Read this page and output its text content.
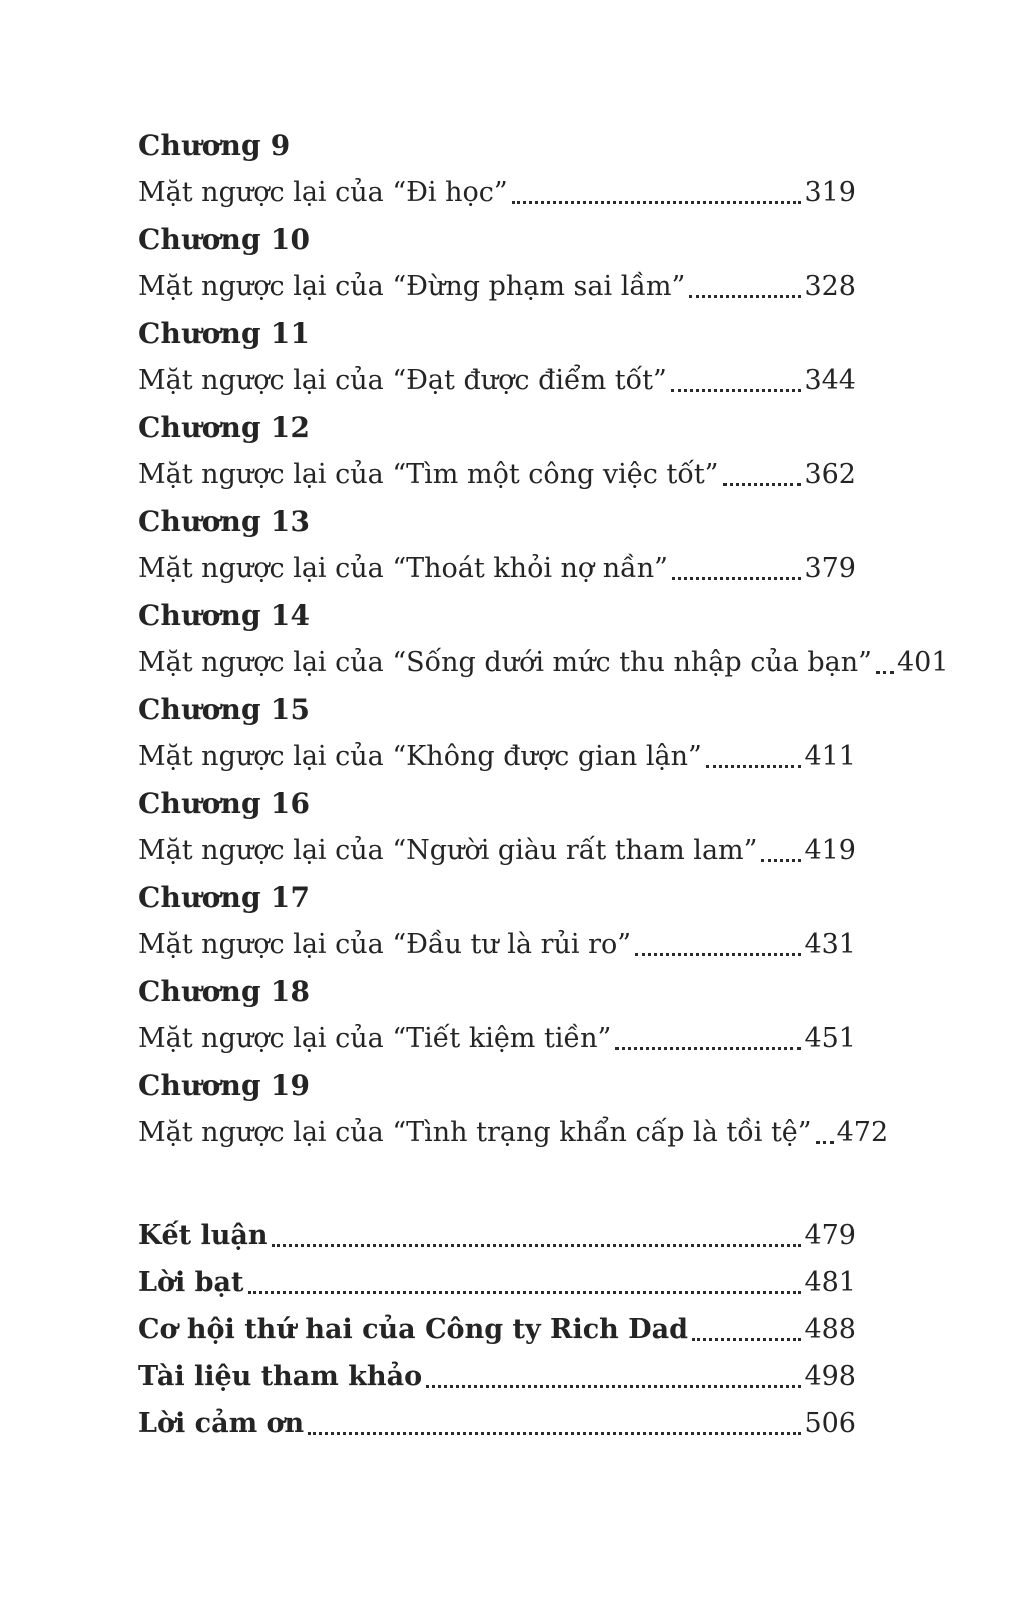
Chương 9
Mặt ngược lại của “Đi học”	319
Chương 10
Mặt ngược lại của “Đừng phạm sai lầm”	328
Chương 11
Mặt ngược lại của “Đạt được điểm tốt”	344
Chương 12
Mặt ngược lại của “Tìm một công việc tốt”	362
Chương 13
Mặt ngược lại của “Thoát khỏi nợ nần”	379
Chương 14
Mặt ngược lại của “Sống dưới mức thu nhập của bạn” 401
Chương 15
Mặt ngược lại của “Không được gian lận”	411
Chương 16
Mặt ngược lại của “Người giàu rất tham lam” 419
Chương 17
Mặt ngược lại của “Đầu tư là rủi ro”	431
Chương 18
Mặt ngược lại của “Tiết kiệm tiền”	451
Chương 19
Mặt ngược lại của “Tình trạng khẩn cấp là tồi tệ” 472
Kết luận	479
Lời bạt	481
Cơ hội thứ hai của Công ty Rich Dad	488
Tài liệu tham khảo	498
Lời cảm ơn	506
